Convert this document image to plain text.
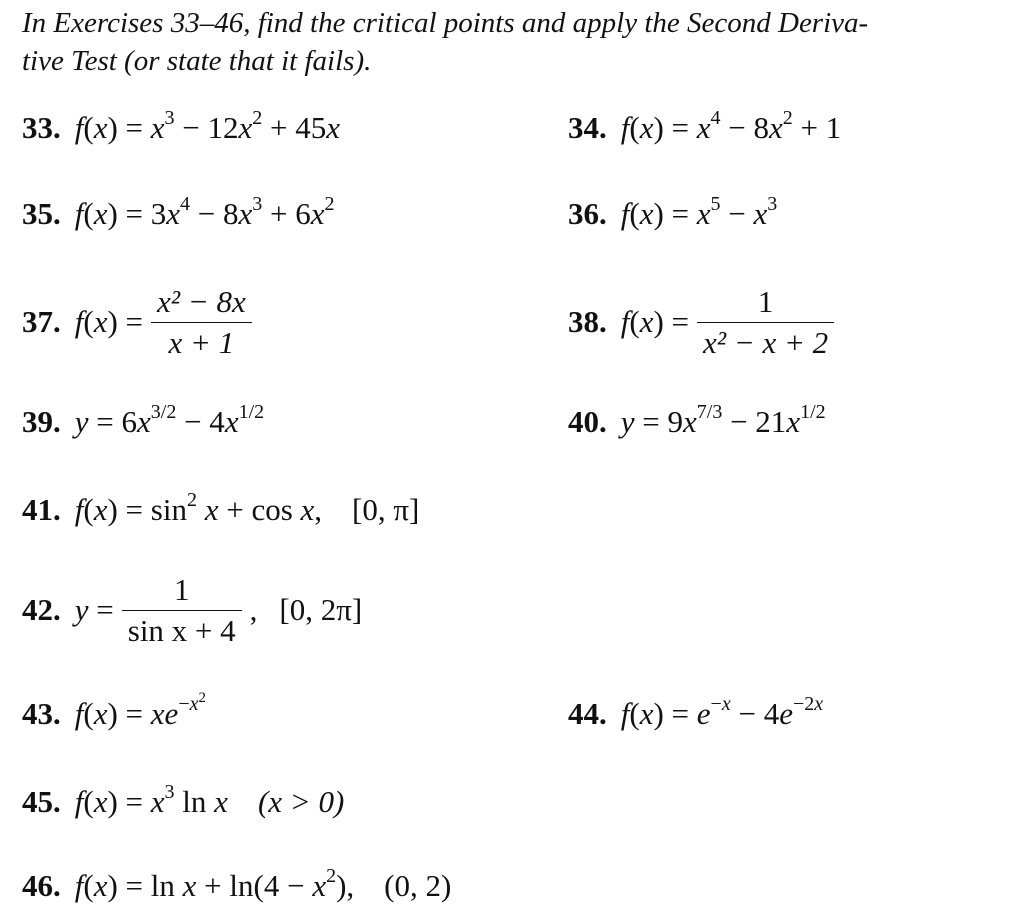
In Exercises 33–46, find the critical points and apply the Second Deriva-
tive Test (or state that it fails).
33. $f(x) = x^3 - 12x^2 + 45x$	34. $f(x) = x^4 - 8x^2 + 1$
35. $f(x) = 3x^4 - 8x^3 + 6x^2$	36. $f(x) = x^5 - x^3$
37. $f(x) = \frac{\text{x² − 8x}}{x + 1}$	38. $f(x) = \frac{1}{\text{x² − x + 2}}$
39. $y = 6x^{3/2} - 4x^{1/2}$	40. $y = 9x^{7/3} - 21x^{1/2}$
41. $f(x) = \sin^2 x + \cos x$, [0, π]
42. $y = \frac{1}{\text{sin x + 4}}$ , [0, 2π]
43. $f(x) = xe^{-x^2}$	44. $f(x) = e^{-x} - 4e^{-2x}$
45. $f(x) = x^3$ ln x (x > 0)
46. $f(x) = \ln x + \ln(4 - x^2)$, (0, 2)
